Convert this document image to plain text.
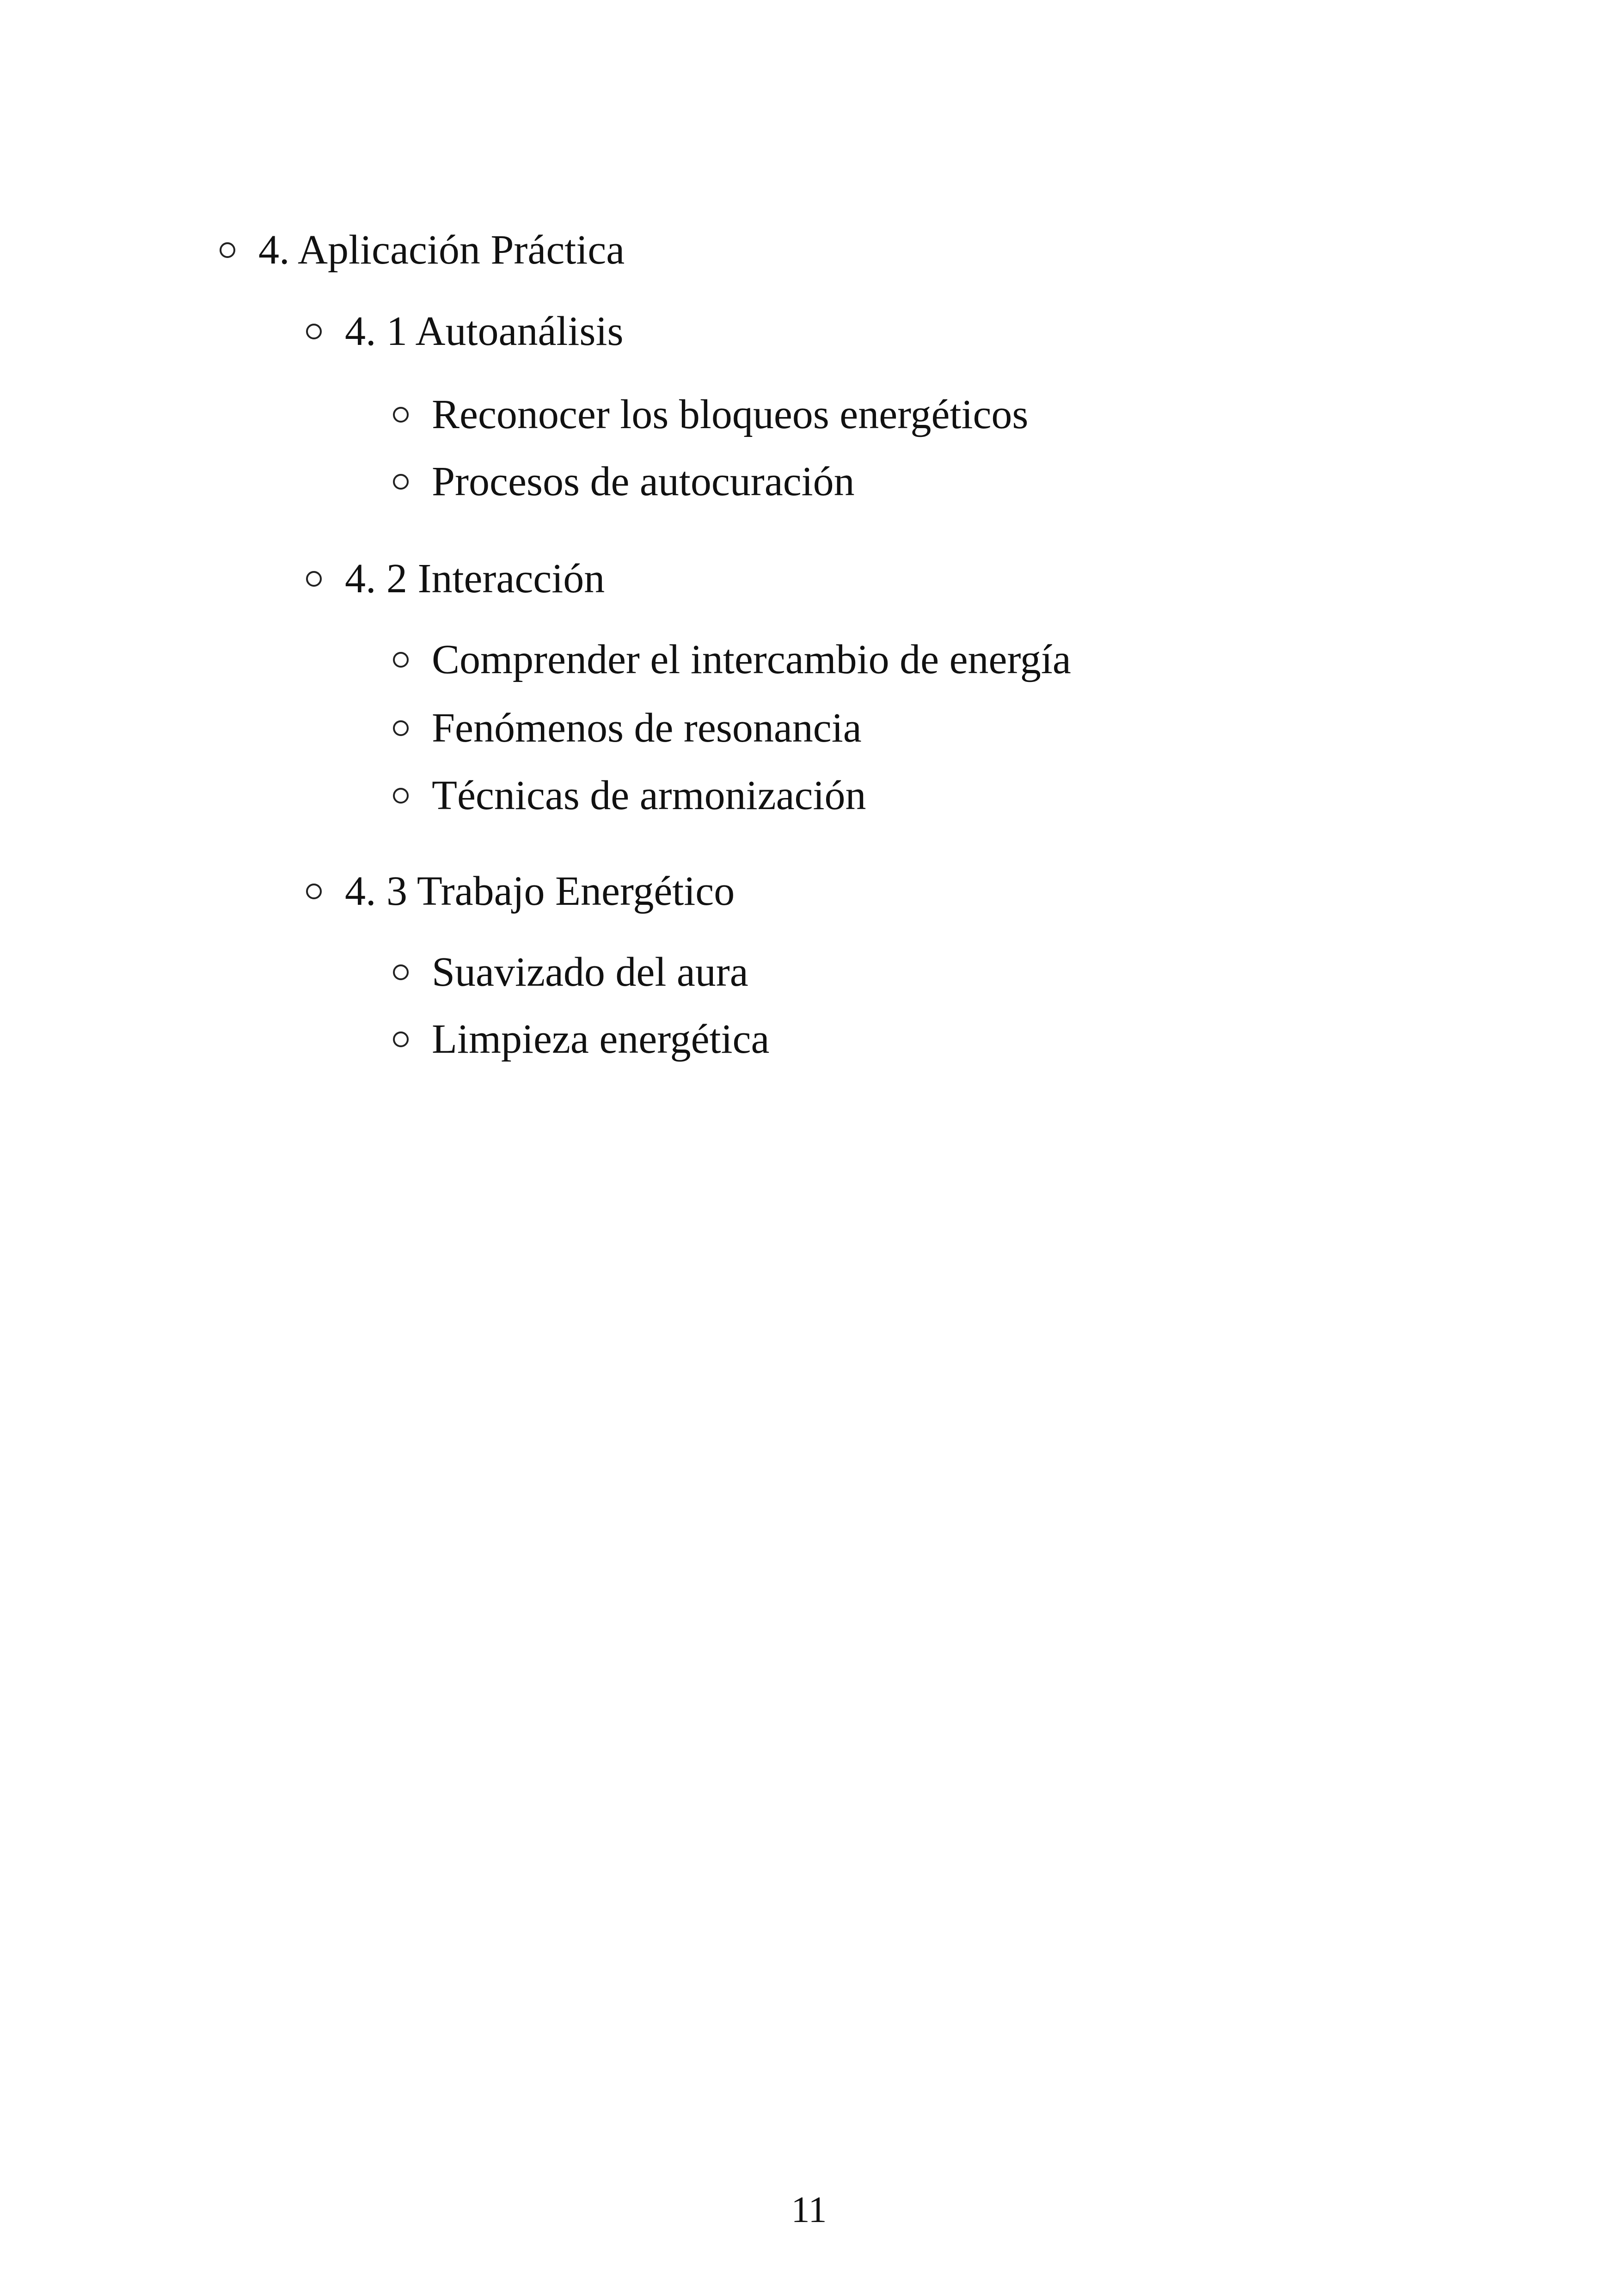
4. Aplicación Práctica
4. 1 Autoanálisis
Reconocer los bloqueos energéticos
Procesos de autocuración
4. 2 Interacción
Comprender el intercambio de energía
Fenómenos de resonancia
Técnicas de armonización
4. 3 Trabajo Energético
Suavizado del aura
Limpieza energética
11
